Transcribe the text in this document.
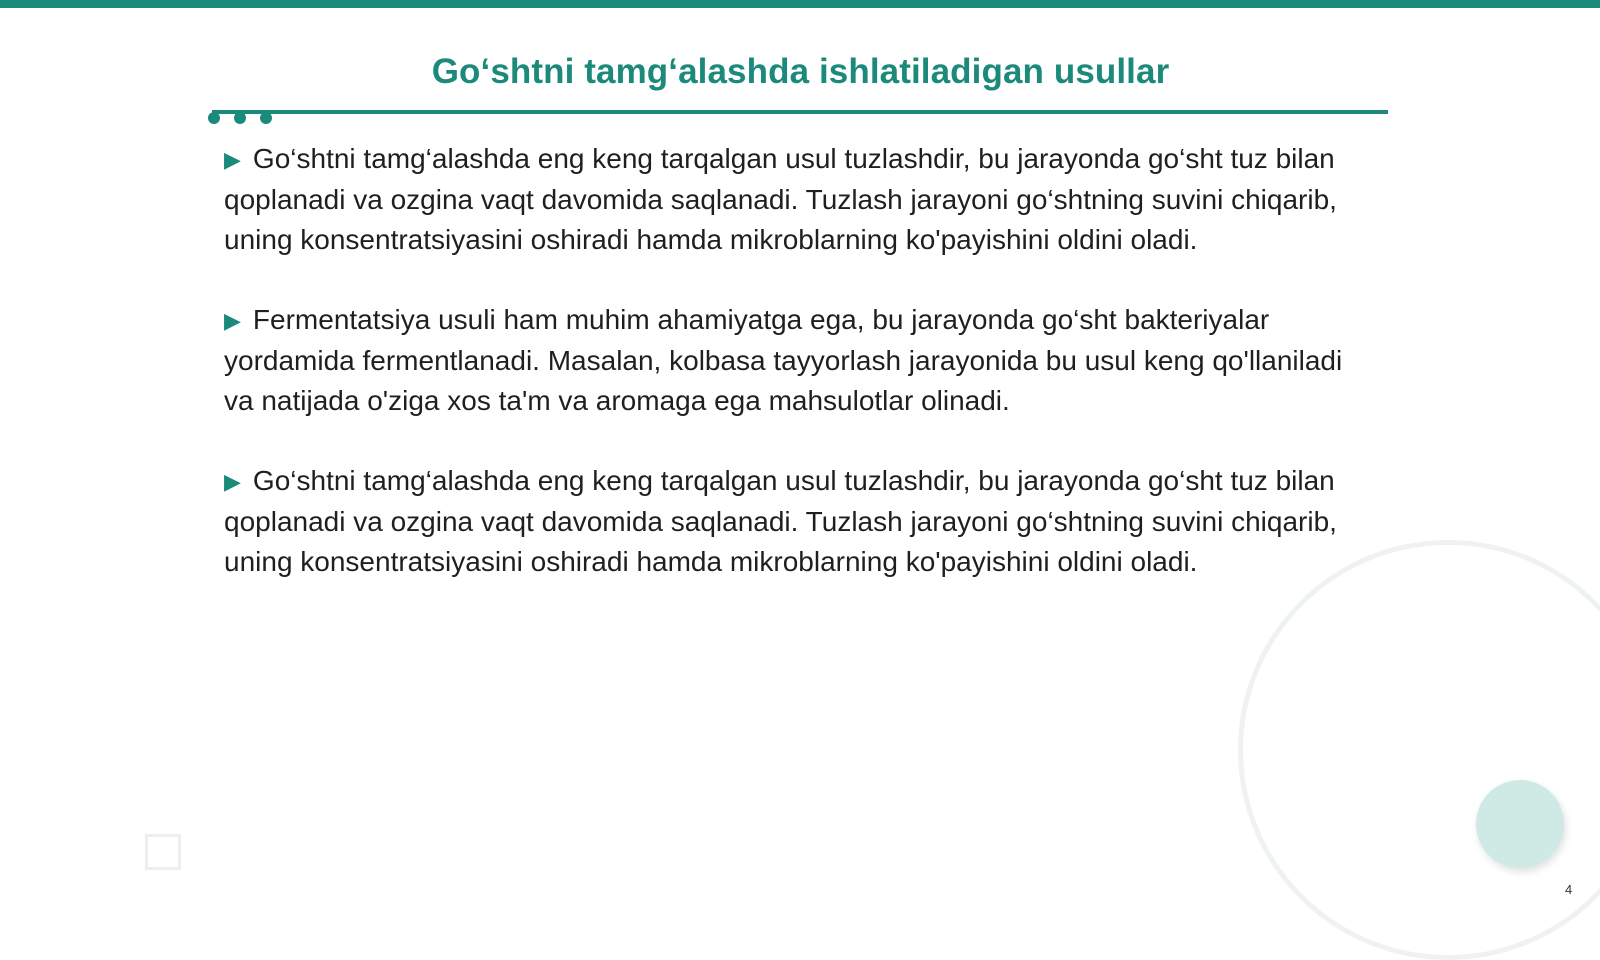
Go‘shtni tamg‘alashda ishlatiladigan usullar

▶ Go‘shtni tamg‘alashda eng keng tarqalgan usul tuzlashdir, bu jarayonda go‘sht tuz bilan qoplanadi va ozgina vaqt davomida saqlanadi. Tuzlash jarayoni go‘shtning suvini chiqarib, uning konsentratsiyasini oshiradi hamda mikroblarning ko'payishini oldini oladi.

▶ Fermentatsiya usuli ham muhim ahamiyatga ega, bu jarayonda go‘sht bakteriyalar yordamida fermentlanadi. Masalan, kolbasa tayyorlash jarayonida bu usul keng qo'llaniladi va natijada o'ziga xos ta'm va aromaga ega mahsulotlar olinadi.

▶ Go‘shtni tamg‘alashda eng keng tarqalgan usul tuzlashdir, bu jarayonda go‘sht tuz bilan qoplanadi va ozgina vaqt davomida saqlanadi. Tuzlash jarayoni go‘shtning suvini chiqarib, uning konsentratsiyasini oshiradi hamda mikroblarning ko'payishini oldini oladi.

4
